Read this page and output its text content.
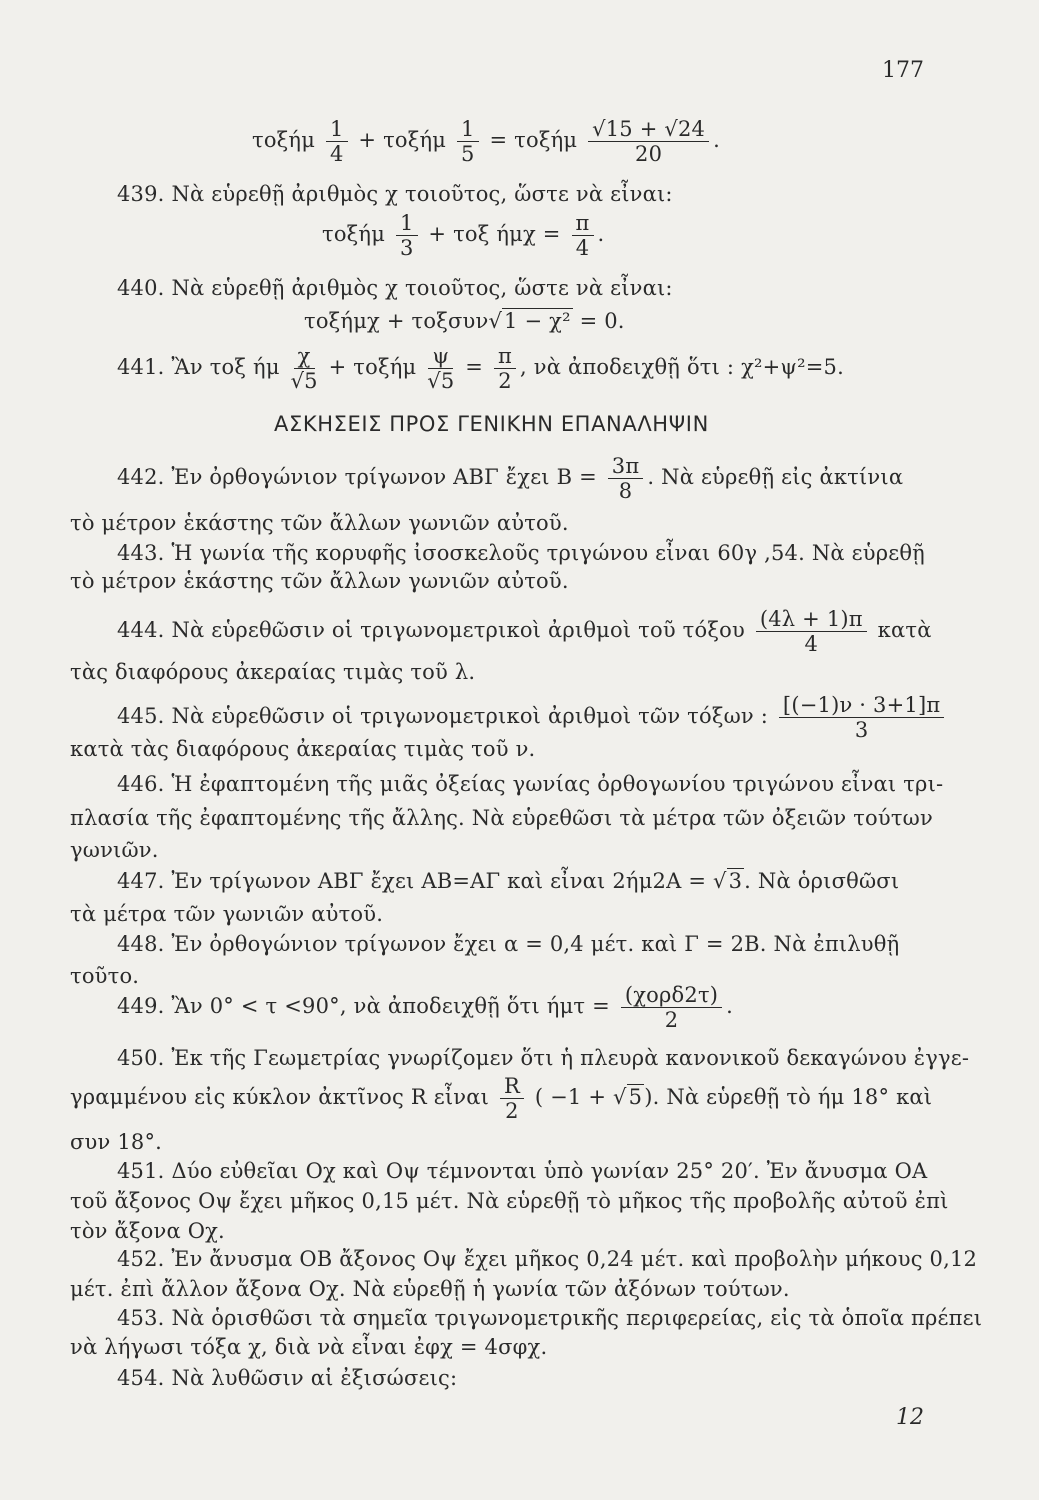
177
τοξήμ $\frac{1}{4} + \tau o\xi ή\mu \frac{1}{5} = \tau o\xi ή\mu \frac{√15 + √24}{20}$ .
439. Νὰ εὑρεθῇ ἀριθμὸς χ τοιοῦτος, ὥστε νὰ εἶναι:
τοξήμ $\frac{1}{3} + \tau o\xi$ $ή\mu\chi = \frac{\pi}{4}$ .
440. Νὰ εὑρεθῇ ἀριθμὸς χ τοιοῦτος, ὥστε νὰ εἶναι:
τοξήμχ + τοξσυν√1 − χ² = 0.
441. Ἂν τοξ ήμ $\frac{\chi}{√5} + \tau o\xi ή\mu \frac{\psi}{√5} = \frac{\pi}{2}$ , νὰ ἀποδειχθῇ ὅτι : χ²+ψ²=5.
ΑΣΚΗΣΕΙΣ ΠΡΟΣ ΓΕΝΙΚΗΝ ΕΠΑΝΑΛΗΨΙΝ
442. Ἐν ὀρθογώνιον τρίγωνον ΑΒΓ ἔχει $B = \frac{3\pi}{8}$ . Νὰ εὑρεθῇ εἰς ἀκτίνια
τὸ μέτρον ἑκάστης τῶν ἄλλων γωνιῶν αὐτοῦ.
443. Ἡ γωνία τῆς κορυφῆς ἰσοσκελοῦς τριγώνου εἶναι 60γ ,54. Νὰ εὑρεθῇ
τὸ μέτρον ἑκάστης τῶν ἄλλων γωνιῶν αὐτοῦ.
444. Νὰ εὑρεθῶσιν οἱ τριγωνομετρικοὶ ἀριθμοὶ τοῦ τόξου $\frac{(4\lambda + 1)\pi}{4}$ κατὰ
τὰς διαφόρους ἀκεραίας τιμὰς τοῦ λ.
445. Νὰ εὑρεθῶσιν οἱ τριγωνομετρικοὶ ἀριθμοὶ τῶν τόξων : $\frac{[(-1)\nu \cdot 3+1]\pi}{3}$
κατὰ τὰς διαφόρους ἀκεραίας τιμὰς τοῦ ν.
446. Ἡ ἐφαπτομένη τῆς μιᾶς ὀξείας γωνίας ὀρθογωνίου τριγώνου εἶναι τρι-
πλασία τῆς ἐφαπτομένης τῆς ἄλλης. Νὰ εὑρεθῶσι τὰ μέτρα τῶν ὀξειῶν τούτων
γωνιῶν.
447. Ἐν τρίγωνον ΑΒΓ ἔχει ΑΒ=ΑΓ καὶ εἶναι 2ήμ2Α = √3. Νὰ ὁρισθῶσι
τὰ μέτρα τῶν γωνιῶν αὐτοῦ.
448. Ἐν ὀρθογώνιον τρίγωνον ἔχει α = 0,4 μέτ. καὶ Γ = 2Β. Νὰ ἐπιλυθῇ
τοῦτο.
449. Ἂν 0° < τ <90°, νὰ ἀποδειχθῇ ὅτι $ή\mu\tau = \frac{\text{(χορδ2τ)}}{2}$ .
450. Ἐκ τῆς Γεωμετρίας γνωρίζομεν ὅτι ἡ πλευρὰ κανονικοῦ δεκαγώνου ἐγγε-
γραμμένου εἰς κύκλον ἀκτῖνος R εἶναι $\frac{R}{2}$ ( −1 + √5). Νὰ εὑρεθῇ τὸ ήμ 18° καὶ
συν 18°.
451. Δύο εὐθεῖαι Οχ καὶ Οψ τέμνονται ὑπὸ γωνίαν 25° 20′. Ἐν ἄνυσμα ΟΑ
τοῦ ἄξονος Οψ ἔχει μῆκος 0,15 μέτ. Νὰ εὑρεθῇ τὸ μῆκος τῆς προβολῆς αὐτοῦ ἐπὶ
τὸν ἄξονα Οχ.
452. Ἐν ἄνυσμα ΟΒ ἄξονος Οψ ἔχει μῆκος 0,24 μέτ. καὶ προβολὴν μήκους 0,12
μέτ. ἐπὶ ἄλλον ἄξονα Οχ. Νὰ εὑρεθῇ ἡ γωνία τῶν ἀξόνων τούτων.
453. Νὰ ὁρισθῶσι τὰ σημεῖα τριγωνομετρικῆς περιφερείας, εἰς τὰ ὁποῖα πρέπει
νὰ λήγωσι τόξα χ, διὰ νὰ εἶναι ἐφχ = 4σφχ.
454. Νὰ λυθῶσιν αἱ ἐξισώσεις:
12
